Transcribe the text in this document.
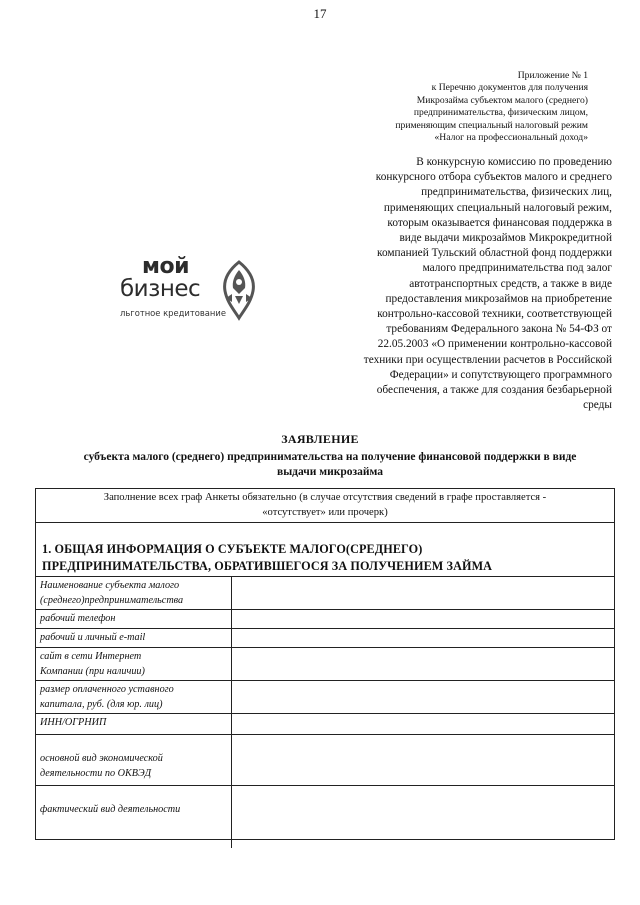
17
Приложение № 1
к Перечню документов для получения
Микрозайма субъектом малого (среднего)
предпринимательства, физическим лицом,
применяющим специальный налоговый режим
«Налог на профессиональный доход»
В конкурсную комиссию по проведению
конкурсного отбора субъектов малого и среднего
предпринимательства, физических лиц,
применяющих специальный налоговый режим,
которым оказывается финансовая поддержка в
виде выдачи микрозаймов Микрокредитной
компанией Тульский областной фонд поддержки
малого предпринимательства под залог
автотранспортных средств, а также в виде
предоставления микрозаймов на приобретение
контрольно-кассовой техники, соответствующей
требованиям Федерального закона № 54-ФЗ от
22.05.2003 «О применении контрольно-кассовой
техники при осуществлении расчетов в Российской
Федерации» и сопутствующего программного
обеспечения, а также для создания безбарьерной
среды
мой
бизнес
льготное кредитование
ЗАЯВЛЕНИЕ
субъекта малого (среднего) предпринимательства на получение финансовой поддержки в виде
выдачи микрозайма
Заполнение всех граф Анкеты обязательно (в случае отсутствия сведений в графе проставляется -
«отсутствует» или прочерк)
1. ОБЩАЯ ИНФОРМАЦИЯ О СУБЪЕКТЕ МАЛОГО(СРЕДНЕГО)
ПРЕДПРИНИМАТЕЛЬСТВА, ОБРАТИВШЕГОСЯ ЗА ПОЛУЧЕНИЕМ ЗАЙМА
Наименование субъекта малого
(среднего)предпринимательства
рабочий телефон
рабочий и личный e-mail
сайт в сети Интернет
Компании (при наличии)
размер оплаченного уставного
капитала, руб. (для юр. лиц)
ИНН/ОГРНИП

основной вид экономической
деятельности по ОКВЭД

фактический вид деятельности
